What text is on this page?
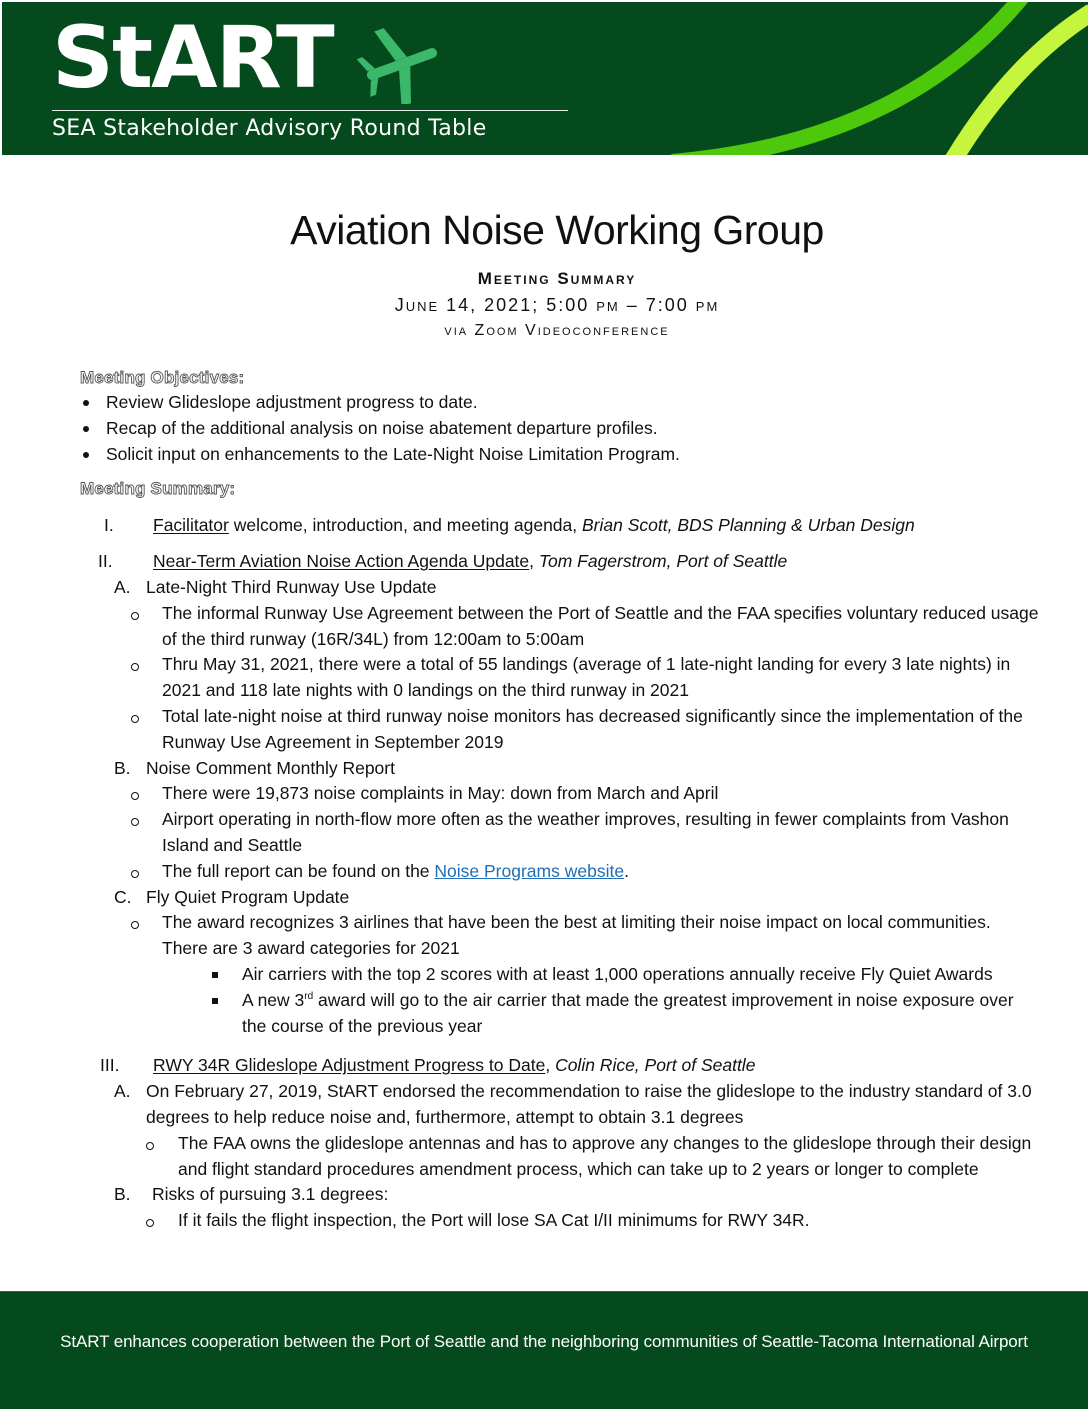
StART
SEA Stakeholder Advisory Round Table
Aviation Noise Working Group
Meeting Summary
June 14, 2021; 5:00 pm – 7:00 pm
via Zoom Videoconference

Meeting Objectives:

Review Glideslope adjustment progress to date.
Recap of the additional analysis on noise abatement departure profiles.
Solicit input on enhancements to the Late-Night Noise Limitation Program.

Meeting Summary:

I. Facilitator welcome, introduction, and meeting agenda, Brian Scott, BDS Planning & Urban Design
II. Near-Term Aviation Noise Action Agenda Update, Tom Fagerstrom, Port of Seattle
A. Late-Night Third Runway Use Update
The informal Runway Use Agreement between the Port of Seattle and the FAA specifies voluntary reduced usage of the third runway (16R/34L) from 12:00am to 5:00am
Thru May 31, 2021, there were a total of 55 landings (average of 1 late-night landing for every 3 late nights) in 2021 and 118 late nights with 0 landings on the third runway in 2021
Total late-night noise at third runway noise monitors has decreased significantly since the implementation of the Runway Use Agreement in September 2019
B. Noise Comment Monthly Report
There were 19,873 noise complaints in May: down from March and April
Airport operating in north-flow more often as the weather improves, resulting in fewer complaints from Vashon Island and Seattle
The full report can be found on the Noise Programs website.
C. Fly Quiet Program Update
The award recognizes 3 airlines that have been the best at limiting their noise impact on local communities. There are 3 award categories for 2021
Air carriers with the top 2 scores with at least 1,000 operations annually receive Fly Quiet Awards
A new 3rd award will go to the air carrier that made the greatest improvement in noise exposure over the course of the previous year
III. RWY 34R Glideslope Adjustment Progress to Date, Colin Rice, Port of Seattle
A. On February 27, 2019, StART endorsed the recommendation to raise the glideslope to the industry standard of 3.0 degrees to help reduce noise and, furthermore, attempt to obtain 3.1 degrees
The FAA owns the glideslope antennas and has to approve any changes to the glideslope through their design and flight standard procedures amendment process, which can take up to 2 years or longer to complete
B. Risks of pursuing 3.1 degrees:
If it fails the flight inspection, the Port will lose SA Cat I/II minimums for RWY 34R.
StART enhances cooperation between the Port of Seattle and the neighboring communities of Seattle-Tacoma International Airport
